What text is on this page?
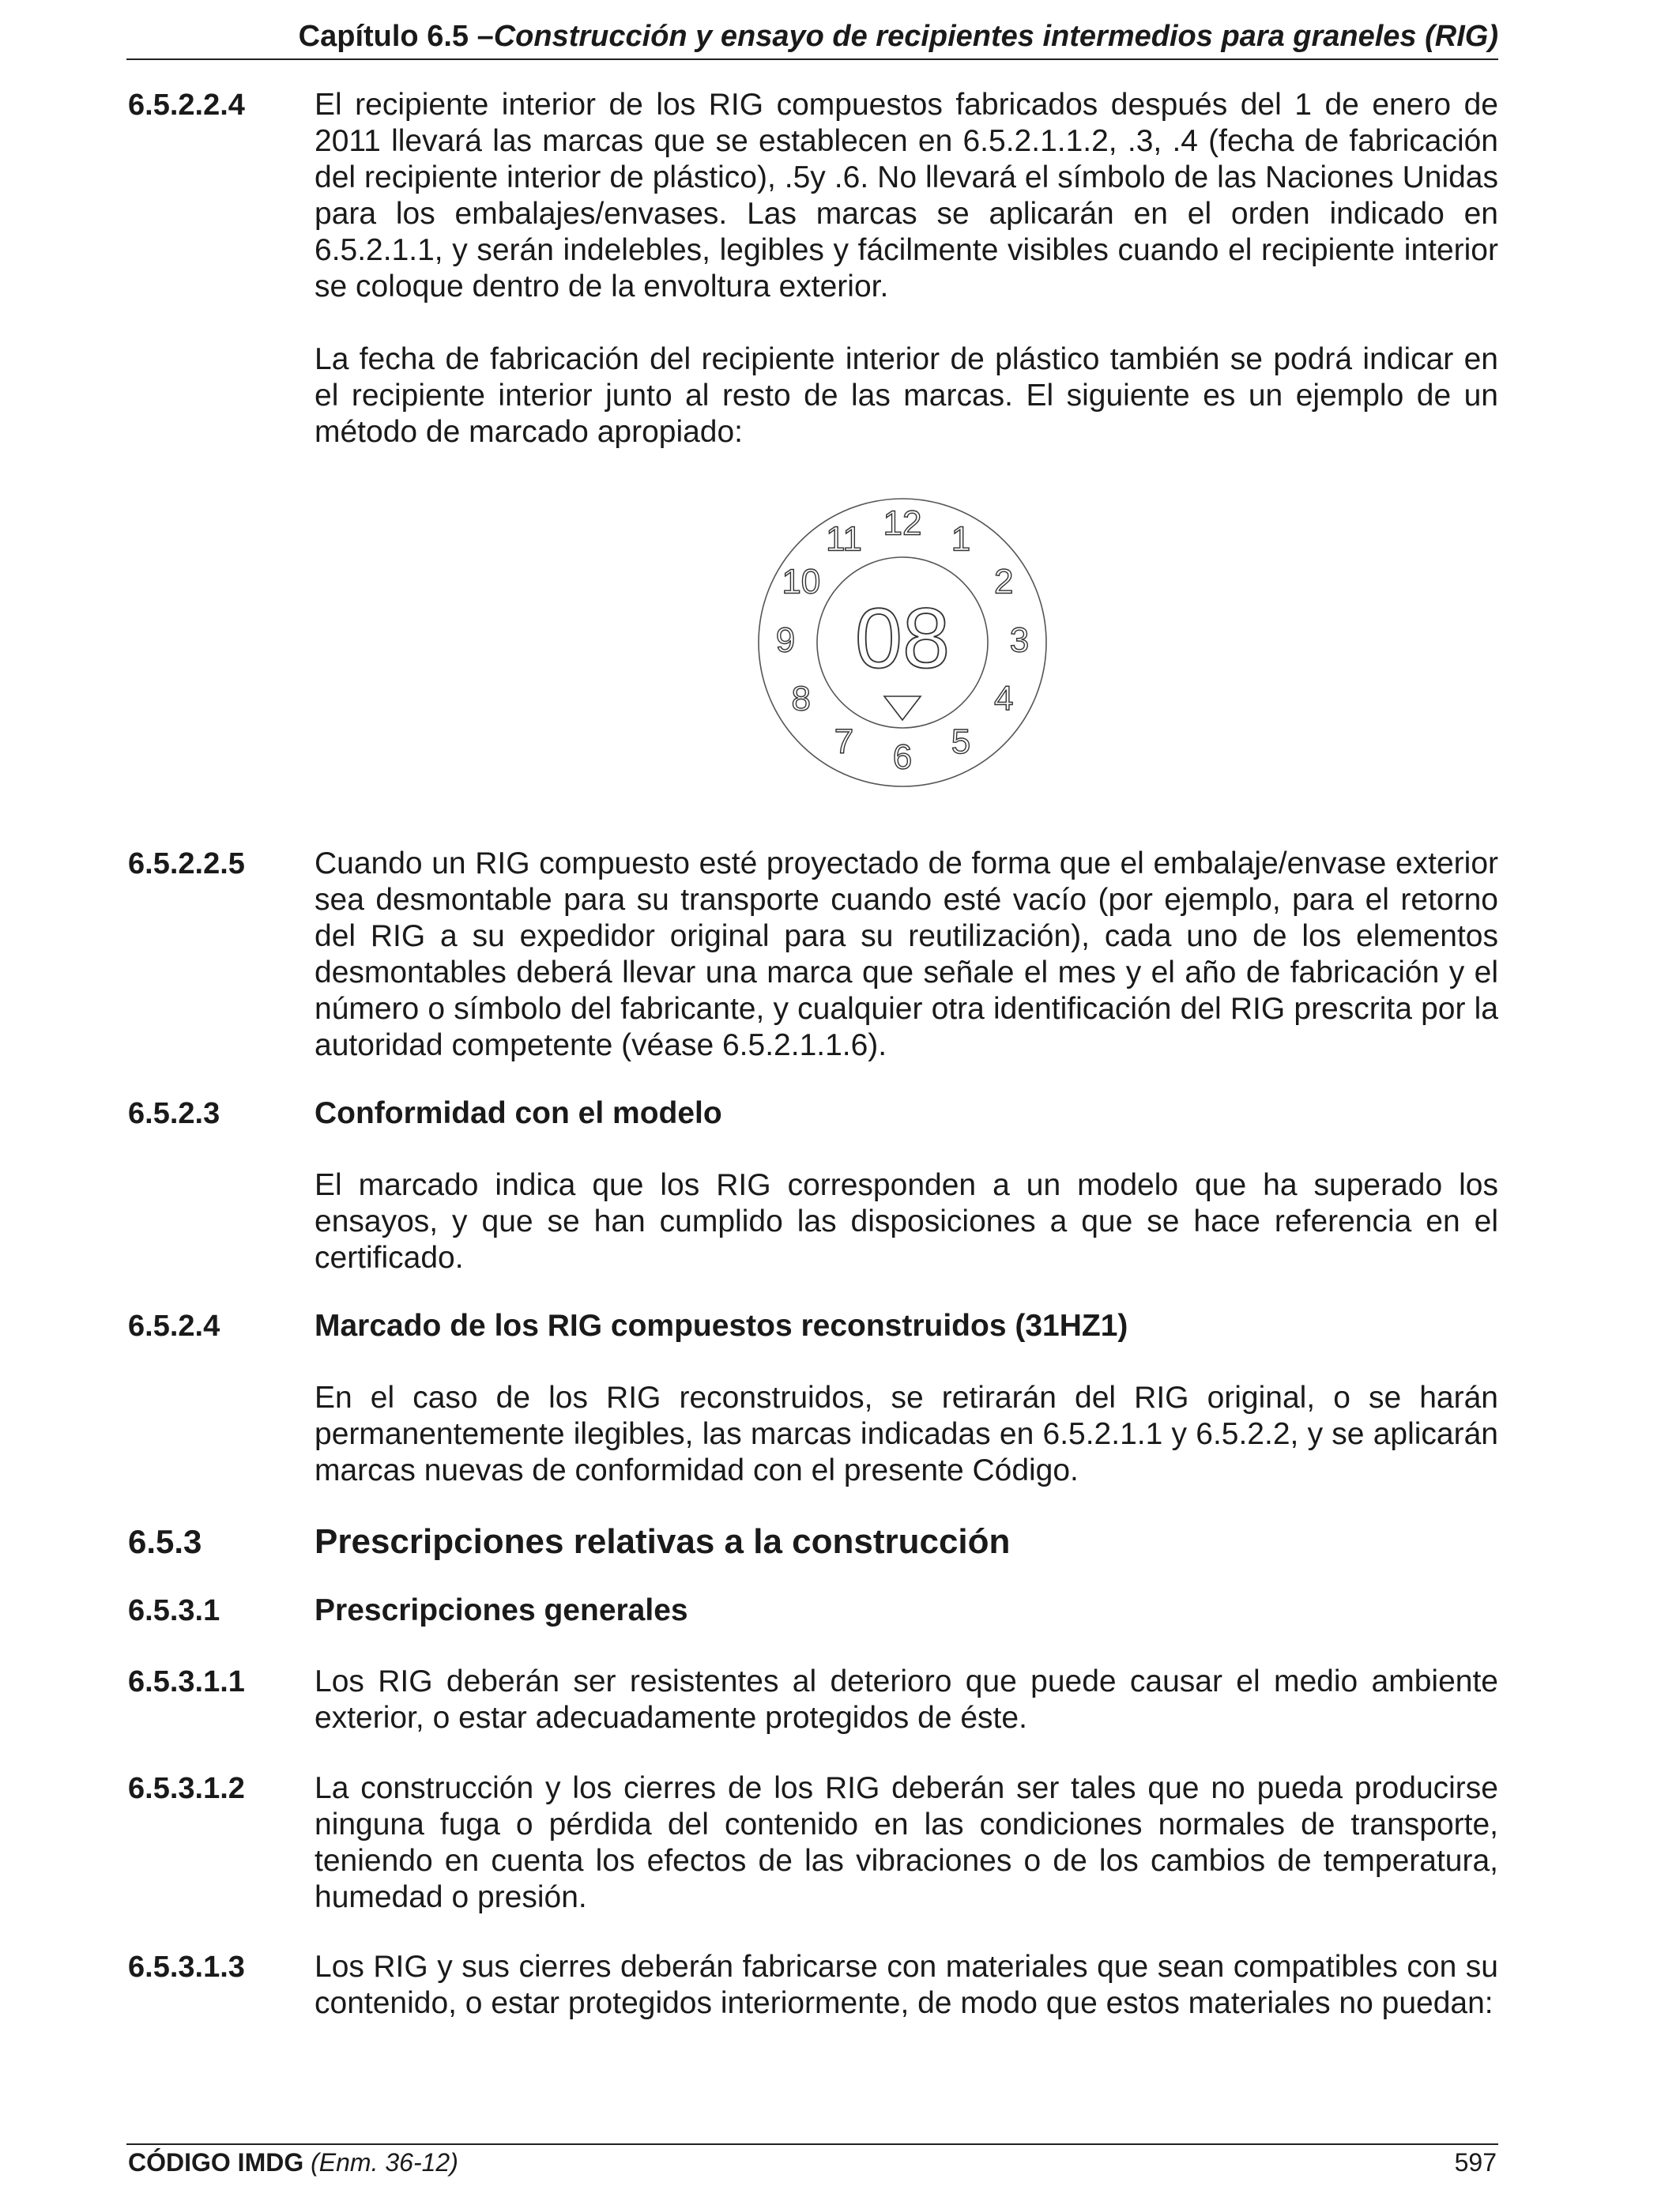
Capítulo 6.5 –Construcción y ensayo de recipientes intermedios para graneles (RIG)
6.5.2.2.4	El recipiente interior de los RIG compuestos fabricados después del 1 de enero de 2011 llevará las marcas que se establecen en 6.5.2.1.1.2, .3, .4 (fecha de fabricación del recipiente interior de plástico), .5y .6. No llevará el símbolo de las Naciones Unidas para los embalajes/envases. Las marcas se aplicarán en el orden indicado en 6.5.2.1.1, y serán indelebles, legibles y fácilmente visibles cuando el recipiente interior se coloque dentro de la envoltura exterior.
La fecha de fabricación del recipiente interior de plástico también se podrá indicar en el recipiente interior junto al resto de las marcas. El siguiente es un ejemplo de un método de marcado apropiado:
12 1
2
3
4
5
6
7
8
9
10
11
08
6.5.2.2.5	Cuando un RIG compuesto esté proyectado de forma que el embalaje/envase exterior sea desmontable para su transporte cuando esté vacío (por ejemplo, para el retorno del RIG a su expedidor original para su reutilización), cada uno de los elementos desmontables deberá llevar una marca que señale el mes y el año de fabricación y el número o símbolo del fabricante, y cualquier otra identificación del RIG prescrita por la autoridad competente (véase 6.5.2.1.1.6).
6.5.2.3	Conformidad con el modelo
El marcado indica que los RIG corresponden a un modelo que ha superado los ensayos, y que se han cumplido las disposiciones a que se hace referencia en el certificado.
6.5.2.4	Marcado de los RIG compuestos reconstruidos (31HZ1)
En el caso de los RIG reconstruidos, se retirarán del RIG original, o se harán permanentemente ilegibles, las marcas indicadas en 6.5.2.1.1 y 6.5.2.2, y se aplicarán marcas nuevas de conformidad con el presente Código.
6.5.3	Prescripciones relativas a la construcción
6.5.3.1	Prescripciones generales
6.5.3.1.1	Los RIG deberán ser resistentes al deterioro que puede causar el medio ambiente exterior, o estar adecuadamente protegidos de éste.
6.5.3.1.2	La construcción y los cierres de los RIG deberán ser tales que no pueda producirse ninguna fuga o pérdida del contenido en las condiciones normales de transporte, teniendo en cuenta los efectos de las vibraciones o de los cambios de temperatura, humedad o presión.
6.5.3.1.3	Los RIG y sus cierres deberán fabricarse con materiales que sean compatibles con su contenido, o estar protegidos interiormente, de modo que estos materiales no puedan:
CÓDIGO IMDG (Enm. 36-12)	597
